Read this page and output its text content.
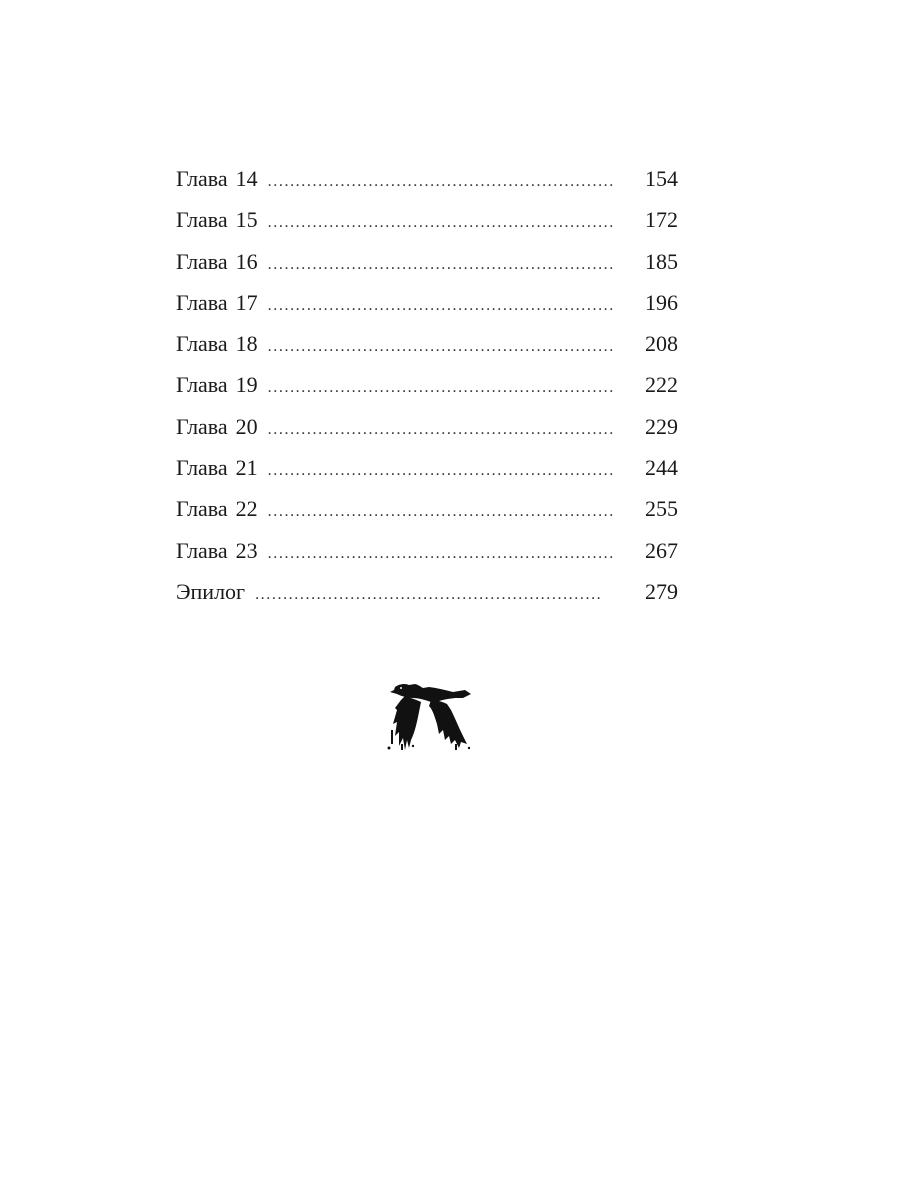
Глава 14 . . .	154
Глава 15 . . .	172
Глава 16 . . .	185
Глава 17 . . .	196
Глава 18 . . .	208
Глава 19 . . .	222
Глава 20 . . .	229
Глава 21 . . .	244
Глава 22 . . .	255
Глава 23 . . .	267
Эпилог . . .	279
